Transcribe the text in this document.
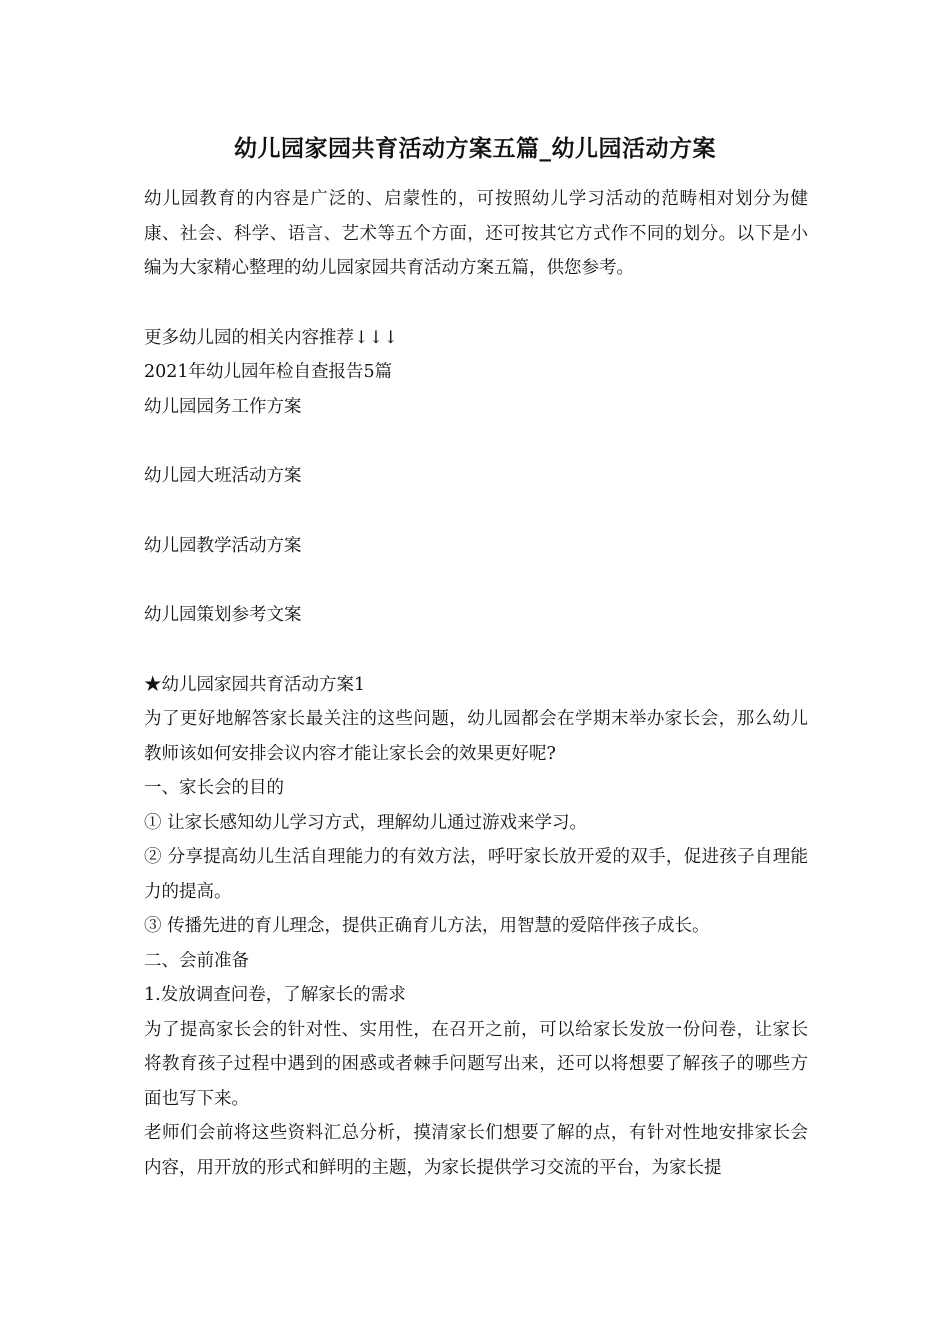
幼儿园家园共育活动方案五篇_幼儿园活动方案

幼儿园教育的内容是广泛的、启蒙性的，可按照幼儿学习活动的范畴相对划分为健康、社会、科学、语言、艺术等五个方面，还可按其它方式作不同的划分。以下是小编为大家精心整理的幼儿园家园共育活动方案五篇，供您参考。

更多幼儿园的相关内容推荐↓↓↓

2021年幼儿园年检自查报告5篇
幼儿园园务工作方案
幼儿园大班活动方案
幼儿园教学活动方案
幼儿园策划参考文案

★幼儿园家园共育活动方案1

为了更好地解答家长最关注的这些问题，幼儿园都会在学期末举办家长会，那么幼儿教师该如何安排会议内容才能让家长会的效果更好呢?

一、家长会的目的

① 让家长感知幼儿学习方式，理解幼儿通过游戏来学习。

② 分享提高幼儿生活自理能力的有效方法，呼吁家长放开爱的双手，促进孩子自理能力的提高。

③ 传播先进的育儿理念，提供正确育儿方法，用智慧的爱陪伴孩子成长。

二、会前准备

1.发放调查问卷，了解家长的需求

为了提高家长会的针对性、实用性，在召开之前，可以给家长发放一份问卷，让家长将教育孩子过程中遇到的困惑或者棘手问题写出来，还可以将想要了解孩子的哪些方面也写下来。

老师们会前将这些资料汇总分析，摸清家长们想要了解的点，有针对性地安排家长会内容，用开放的形式和鲜明的主题，为家长提供学习交流的平台，为家长提
